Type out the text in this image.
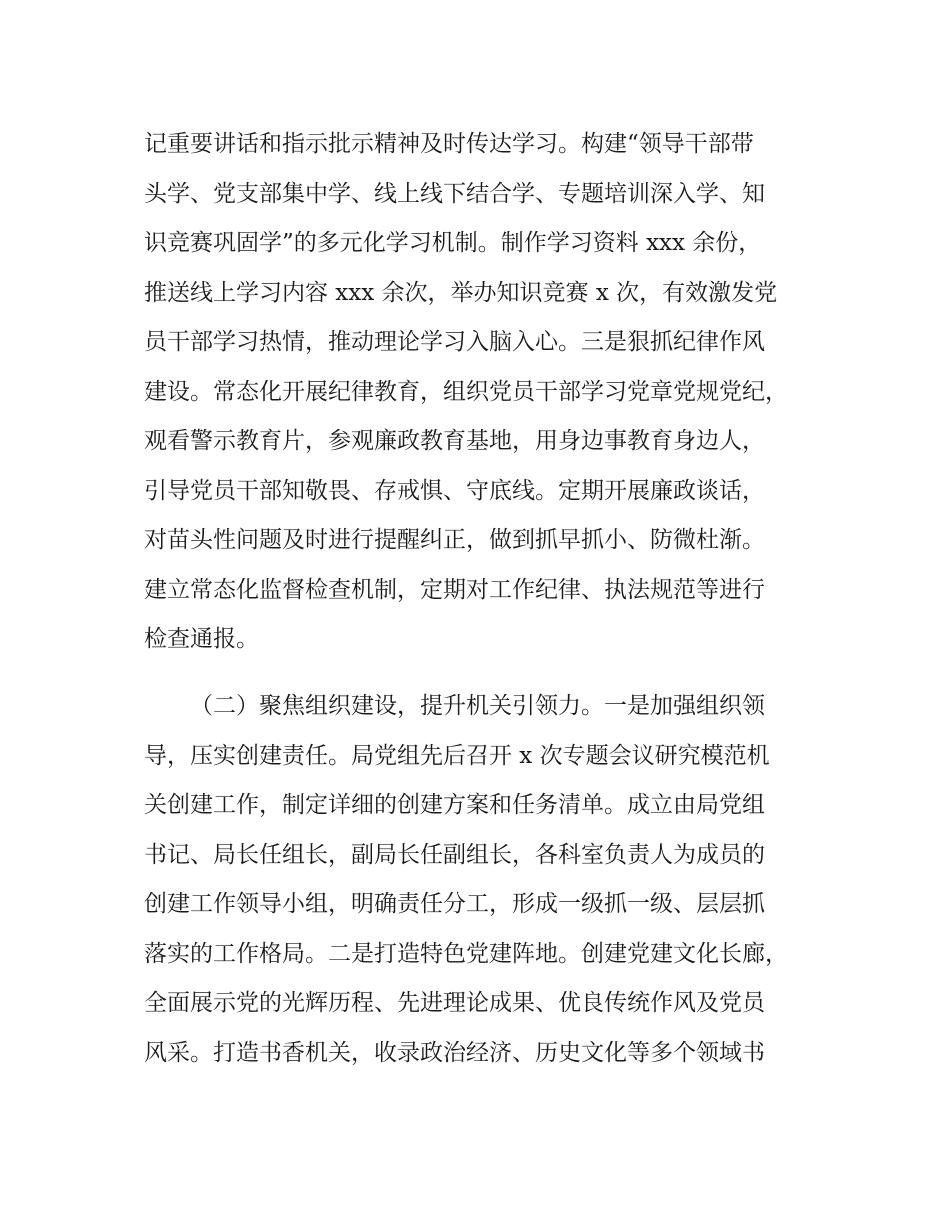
记重要讲话和指示批示精神及时传达学习。构建“领导干部带
头学、党支部集中学、线上线下结合学、专题培训深入学、知
识竞赛巩固学”的多元化学习机制。制作学习资料 xxx 余份，
推送线上学习内容 xxx 余次，举办知识竞赛 x 次，有效激发党
员干部学习热情，推动理论学习入脑入心。三是狠抓纪律作风
建设。常态化开展纪律教育，组织党员干部学习党章党规党纪，
观看警示教育片，参观廉政教育基地，用身边事教育身边人，
引导党员干部知敬畏、存戒惧、守底线。定期开展廉政谈话，
对苗头性问题及时进行提醒纠正，做到抓早抓小、防微杜渐。
建立常态化监督检查机制，定期对工作纪律、执法规范等进行
检查通报。
（二）聚焦组织建设，提升机关引领力。一是加强组织领
导，压实创建责任。局党组先后召开 x 次专题会议研究模范机
关创建工作，制定详细的创建方案和任务清单。成立由局党组
书记、局长任组长，副局长任副组长，各科室负责人为成员的
创建工作领导小组，明确责任分工，形成一级抓一级、层层抓
落实的工作格局。二是打造特色党建阵地。创建党建文化长廊，
全面展示党的光辉历程、先进理论成果、优良传统作风及党员
风采。打造书香机关，收录政治经济、历史文化等多个领域书
